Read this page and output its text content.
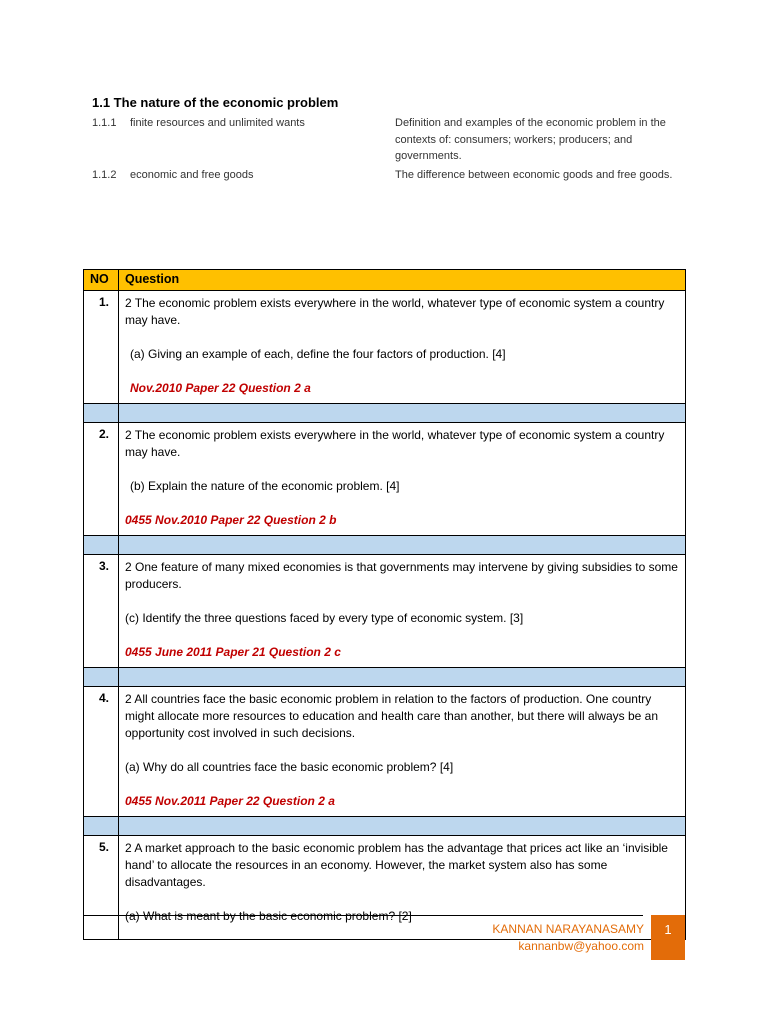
1.1 The nature of the economic problem
1.1.1	finite resources and unlimited wants	Definition and examples of the economic problem in the contexts of: consumers; workers; producers; and governments.
1.1.2	economic and free goods	The difference between economic goods and free goods.
NO	Question
1.	2 The economic problem exists everywhere in the world, whatever type of economic system a country may have.

(a) Giving an example of each, define the four factors of production. [4]

Nov.2010 Paper 22 Question 2 a

2.	2 The economic problem exists everywhere in the world, whatever type of economic system a country may have.

(b) Explain the nature of the economic problem. [4]

0455 Nov.2010 Paper 22 Question 2 b

3.	2 One feature of many mixed economies is that governments may intervene by giving subsidies to some producers.

(c) Identify the three questions faced by every type of economic system. [3]

0455 June 2011 Paper 21 Question 2 c

4.	2 All countries face the basic economic problem in relation to the factors of production. One country might allocate more resources to education and health care than another, but there will always be an opportunity cost involved in such decisions.

(a) Why do all countries face the basic economic problem? [4]

0455 Nov.2011 Paper 22 Question 2 a

5.	2 A market approach to the basic economic problem has the advantage that prices act like an ‘invisible hand’ to allocate the resources in an economy. However, the market system also has some disadvantages.

(a) What is meant by the basic economic problem? [2]

KANNAN NARAYANASAMY
kannanbw@yahoo.com
1
